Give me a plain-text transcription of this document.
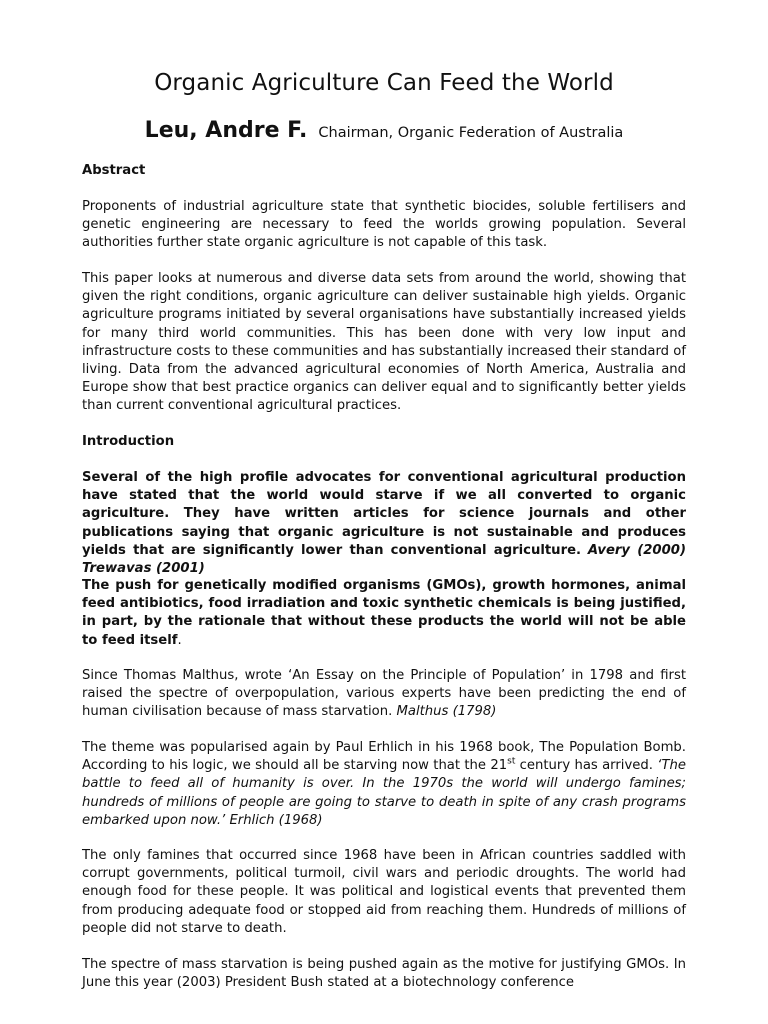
Organic Agriculture Can Feed the World
Leu, Andre F. Chairman, Organic Federation of Australia

Abstract

Proponents of industrial agriculture state that synthetic biocides, soluble fertilisers and genetic engineering are necessary to feed the worlds growing population. Several authorities further state organic agriculture is not capable of this task.

This paper looks at numerous and diverse data sets from around the world, showing that given the right conditions, organic agriculture can deliver sustainable high yields. Organic agriculture programs initiated by several organisations have substantially increased yields for many third world communities. This has been done with very low input and infrastructure costs to these communities and has substantially increased their standard of living. Data from the advanced agricultural economies of North America, Australia and Europe show that best practice organics can deliver equal and to significantly better yields than current conventional agricultural practices.

Introduction

Several of the high profile advocates for conventional agricultural production have stated that the world would starve if we all converted to organic agriculture. They have written articles for science journals and other publications saying that organic agriculture is not sustainable and produces yields that are significantly lower than conventional agriculture. Avery (2000) Trewavas (2001)

The push for genetically modified organisms (GMOs), growth hormones, animal feed antibiotics, food irradiation and toxic synthetic chemicals is being justified, in part, by the rationale that without these products the world will not be able to feed itself.

Since Thomas Malthus, wrote ‘An Essay on the Principle of Population’ in 1798 and first raised the spectre of overpopulation, various experts have been predicting the end of human civilisation because of mass starvation. Malthus (1798)

The theme was popularised again by Paul Erhlich in his 1968 book, The Population Bomb. According to his logic, we should all be starving now that the 21st century has arrived. ‘The battle to feed all of humanity is over. In the 1970s the world will undergo famines; hundreds of millions of people are going to starve to death in spite of any crash programs embarked upon now.’ Erhlich (1968)

The only famines that occurred since 1968 have been in African countries saddled with corrupt governments, political turmoil, civil wars and periodic droughts. The world had enough food for these people. It was political and logistical events that prevented them from producing adequate food or stopped aid from reaching them. Hundreds of millions of people did not starve to death.

The spectre of mass starvation is being pushed again as the motive for justifying GMOs. In June this year (2003) President Bush stated at a biotechnology conference
